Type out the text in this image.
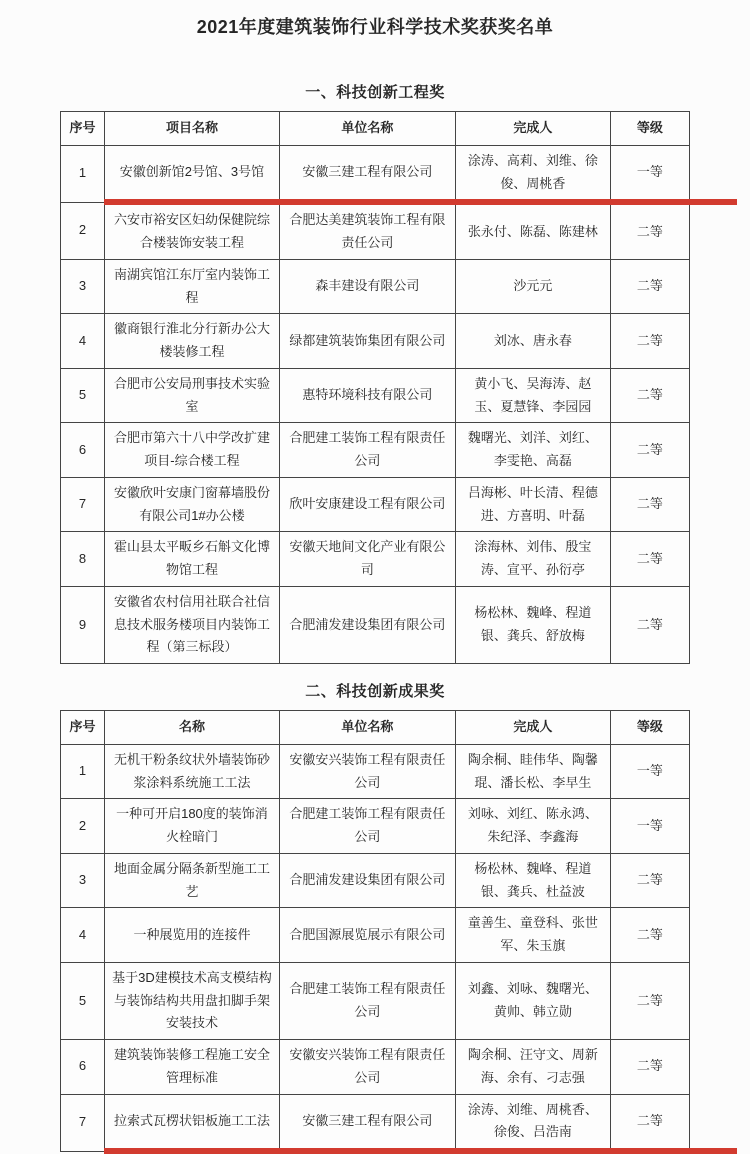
2021年度建筑装饰行业科学技术奖获奖名单
一、科技创新工程奖
序号	项目名称	单位名称	完成人	等级
1	安徽创新馆2号馆、3号馆	安徽三建工程有限公司	涂涛、高莉、刘维、徐俊、周桃香	一等
2	六安市裕安区妇幼保健院综合楼装饰安装工程	合肥达美建筑装饰工程有限责任公司	张永付、陈磊、陈建林	二等
3	南湖宾馆江东厅室内装饰工程	森丰建设有限公司	沙元元	二等
4	徽商银行淮北分行新办公大楼装修工程	绿都建筑装饰集团有限公司	刘冰、唐永春	二等
5	合肥市公安局刑事技术实验室	惠特环境科技有限公司	黄小飞、吴海涛、赵玉、夏慧锋、李园园	二等
6	合肥市第六十八中学改扩建项目-综合楼工程	合肥建工装饰工程有限责任公司	魏曙光、刘洋、刘红、李雯艳、高磊	二等
7	安徽欣叶安康门窗幕墙股份有限公司1#办公楼	欣叶安康建设工程有限公司	吕海彬、叶长清、程德进、方喜明、叶磊	二等
8	霍山县太平畈乡石斛文化博物馆工程	安徽天地间文化产业有限公司	涂海林、刘伟、殷宝涛、宣平、孙衍亭	二等
9	安徽省农村信用社联合社信息技术服务楼项目内装饰工程（第三标段）	合肥浦发建设集团有限公司	杨松林、魏峰、程道银、龚兵、舒放梅	二等
二、科技创新成果奖
序号	名称	单位名称	完成人	等级
1	无机干粉条纹状外墙装饰砂浆涂料系统施工工法	安徽安兴装饰工程有限责任公司	陶余桐、眭伟华、陶馨琨、潘长松、李早生	一等
2	一种可开启180度的装饰消火栓暗门	合肥建工装饰工程有限责任公司	刘咏、刘红、陈永鸿、朱纪泽、李鑫海	一等
3	地面金属分隔条新型施工工艺	合肥浦发建设集团有限公司	杨松林、魏峰、程道银、龚兵、杜益波	二等
4	一种展览用的连接件	合肥国源展览展示有限公司	童善生、童登科、张世军、朱玉旗	二等
5	基于3D建模技术高支模结构与装饰结构共用盘扣脚手架安装技术	合肥建工装饰工程有限责任公司	刘鑫、刘咏、魏曙光、黄帅、韩立勋	二等
6	建筑装饰装修工程施工安全管理标准	安徽安兴装饰工程有限责任公司	陶余桐、汪守文、周新海、余有、刁志强	二等
7	拉索式瓦楞状铝板施工工法	安徽三建工程有限公司	涂涛、刘维、周桃香、徐俊、吕浩南	二等
